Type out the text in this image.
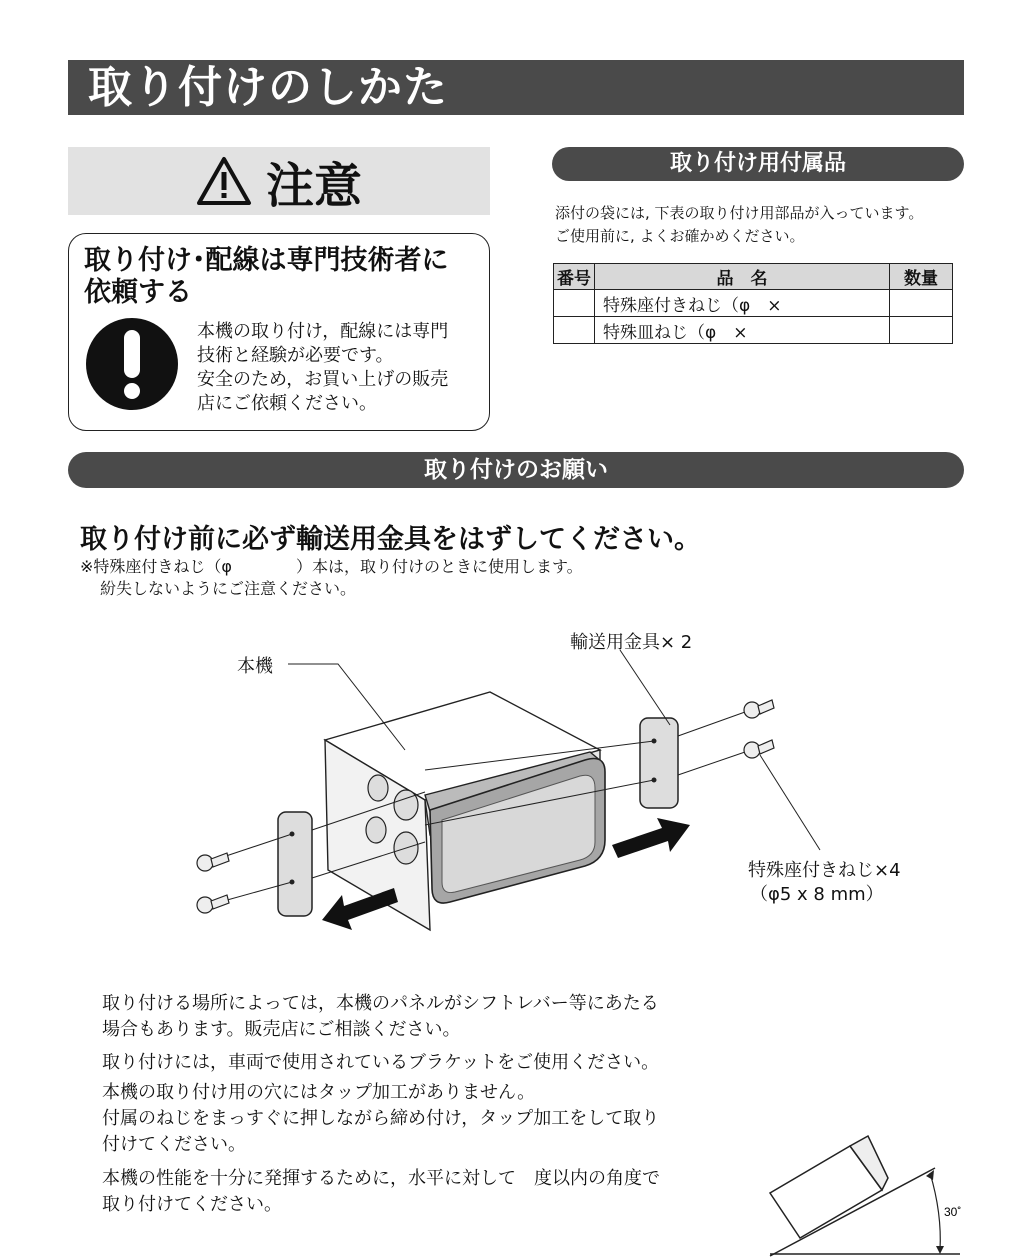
取り付けのしかた
注意
取り付け･配線は専門技術者に
依頼する
本機の取り付け，配線には専門
技術と経験が必要です。
安全のため，お買い上げの販売
店にご依頼ください。
取り付け用付属品
添付の袋には, 下表の取り付け用部品が入っています。
ご使用前に, よくお確かめください。
番号	品　名	数量
	特殊座付きねじ（φ　×	
	特殊皿ねじ（φ　×	
取り付けのお願い
取り付け前に必ず輸送用金具をはずしてください。
※特殊座付きねじ（φ　　　　）本は，取り付けのときに使用します。
紛失しないようにご注意ください。
本機
輸送用金具× 2
特殊座付きねじ×4
（φ5 x 8 mm）
取り付ける場所によっては，本機のパネルがシフトレバー等にあたる
場合もあります。販売店にご相談ください。
取り付けには，車両で使用されているブラケットをご使用ください。
本機の取り付け用の穴にはタップ加工がありません。
付属のねじをまっすぐに押しながら締め付け，タップ加工をして取り
付けてください。
本機の性能を十分に発揮するために，水平に対して　度以内の角度で
取り付けてください。	30˚
